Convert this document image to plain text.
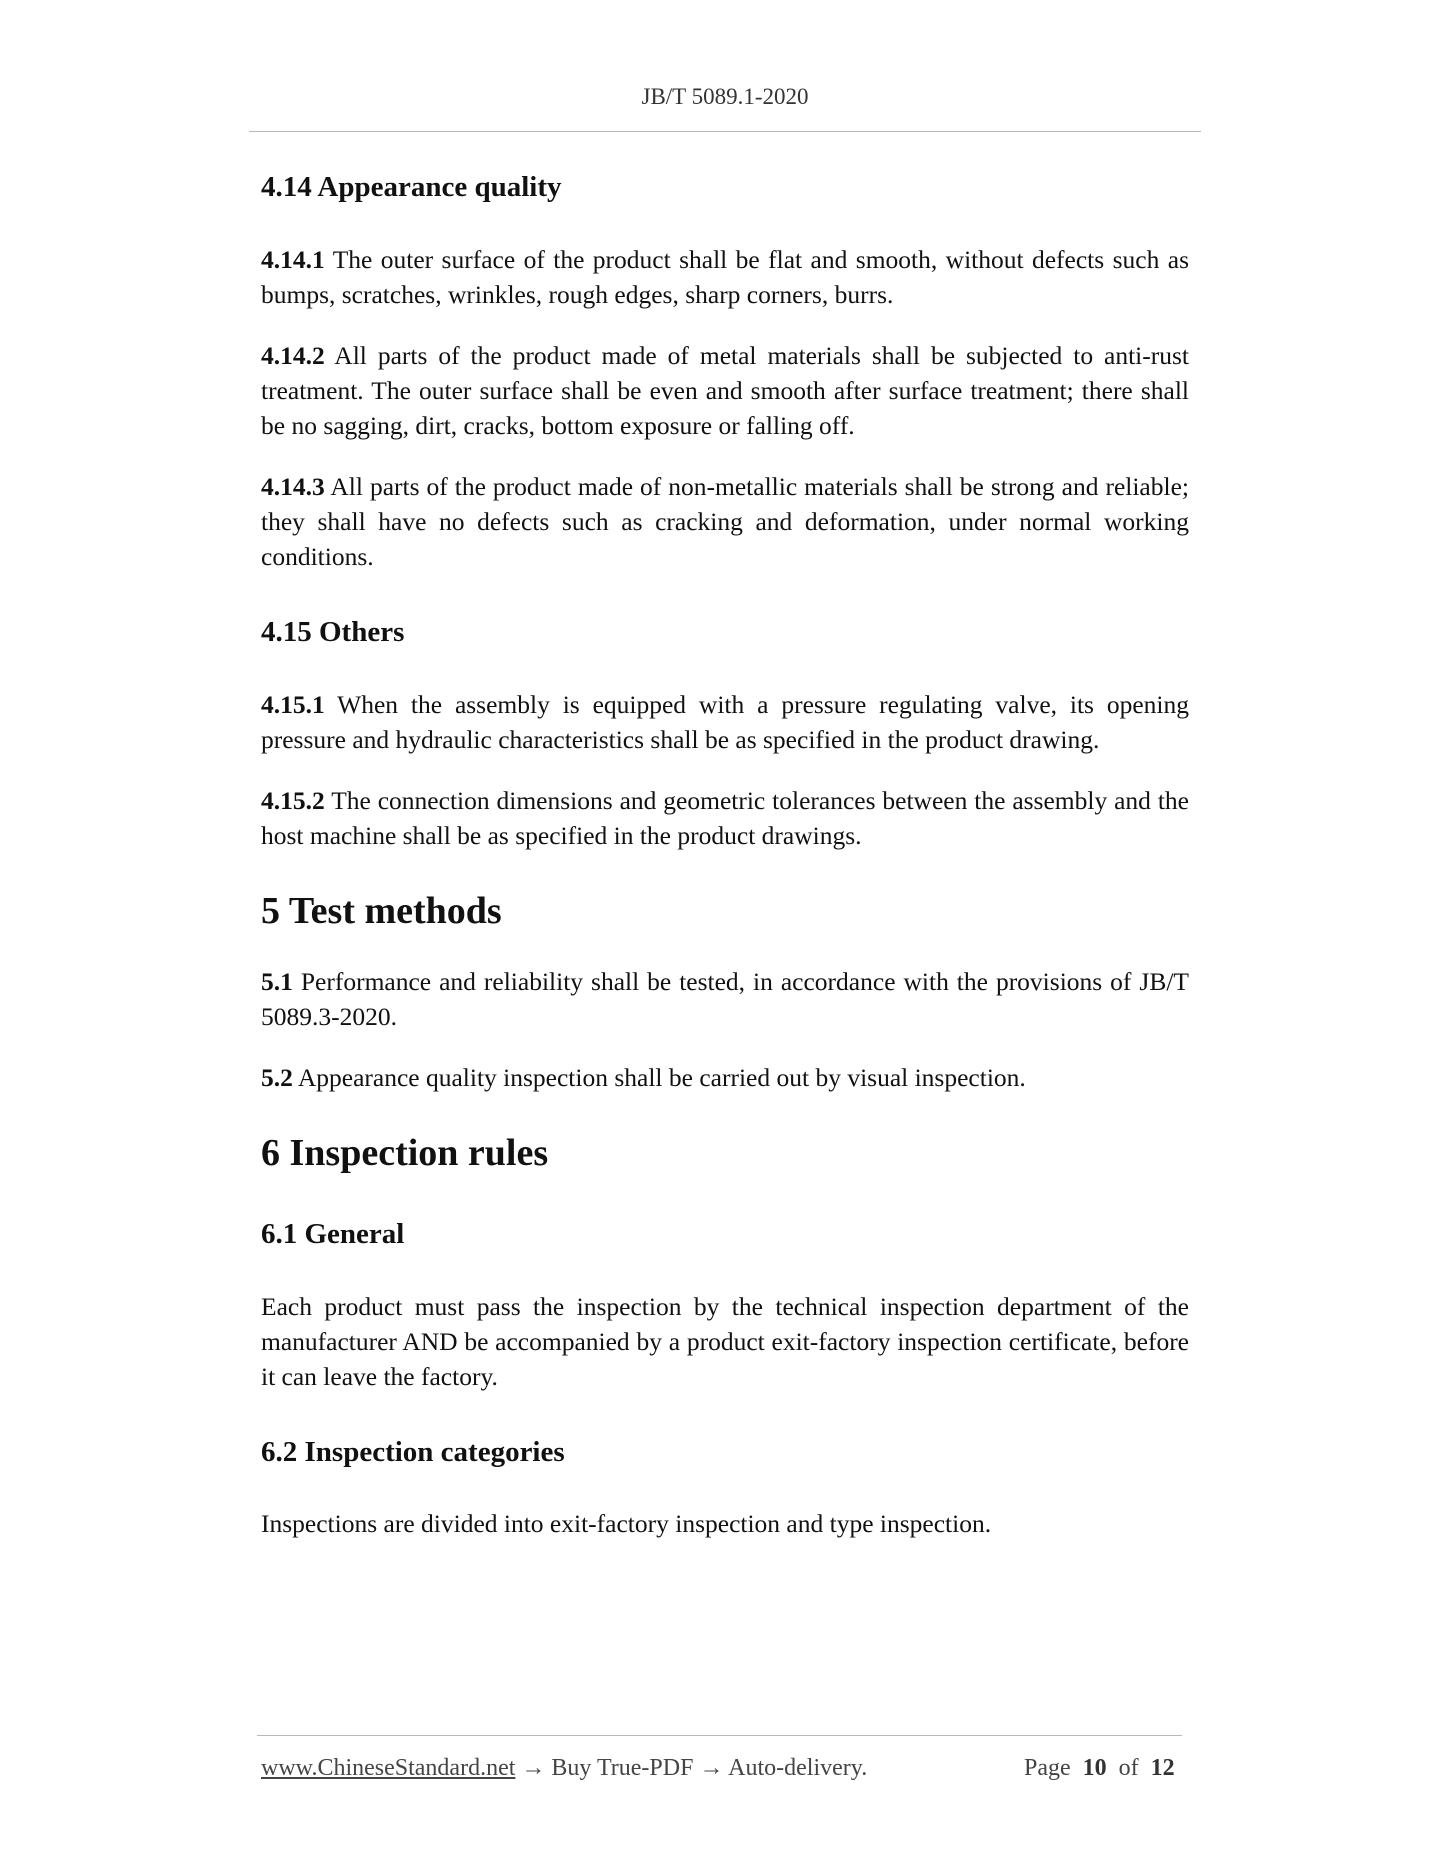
JB/T 5089.1-2020
4.14 Appearance quality

4.14.1 The outer surface of the product shall be flat and smooth, without defects such as bumps, scratches, wrinkles, rough edges, sharp corners, burrs.

4.14.2 All parts of the product made of metal materials shall be subjected to anti-rust treatment. The outer surface shall be even and smooth after surface treatment; there shall be no sagging, dirt, cracks, bottom exposure or falling off.

4.14.3 All parts of the product made of non-metallic materials shall be strong and reliable; they shall have no defects such as cracking and deformation, under normal working conditions.

4.15 Others

4.15.1 When the assembly is equipped with a pressure regulating valve, its opening pressure and hydraulic characteristics shall be as specified in the product drawing.

4.15.2 The connection dimensions and geometric tolerances between the assembly and the host machine shall be as specified in the product drawings.

5 Test methods

5.1 Performance and reliability shall be tested, in accordance with the provisions of JB/T 5089.3-2020.

5.2 Appearance quality inspection shall be carried out by visual inspection.

6 Inspection rules
6.1 General

Each product must pass the inspection by the technical inspection department of the manufacturer AND be accompanied by a product exit-factory inspection certificate, before it can leave the factory.

6.2 Inspection categories

Inspections are divided into exit-factory inspection and type inspection.

www.ChineseStandard.net → Buy True-PDF → Auto-delivery.	Page 10 of 12
